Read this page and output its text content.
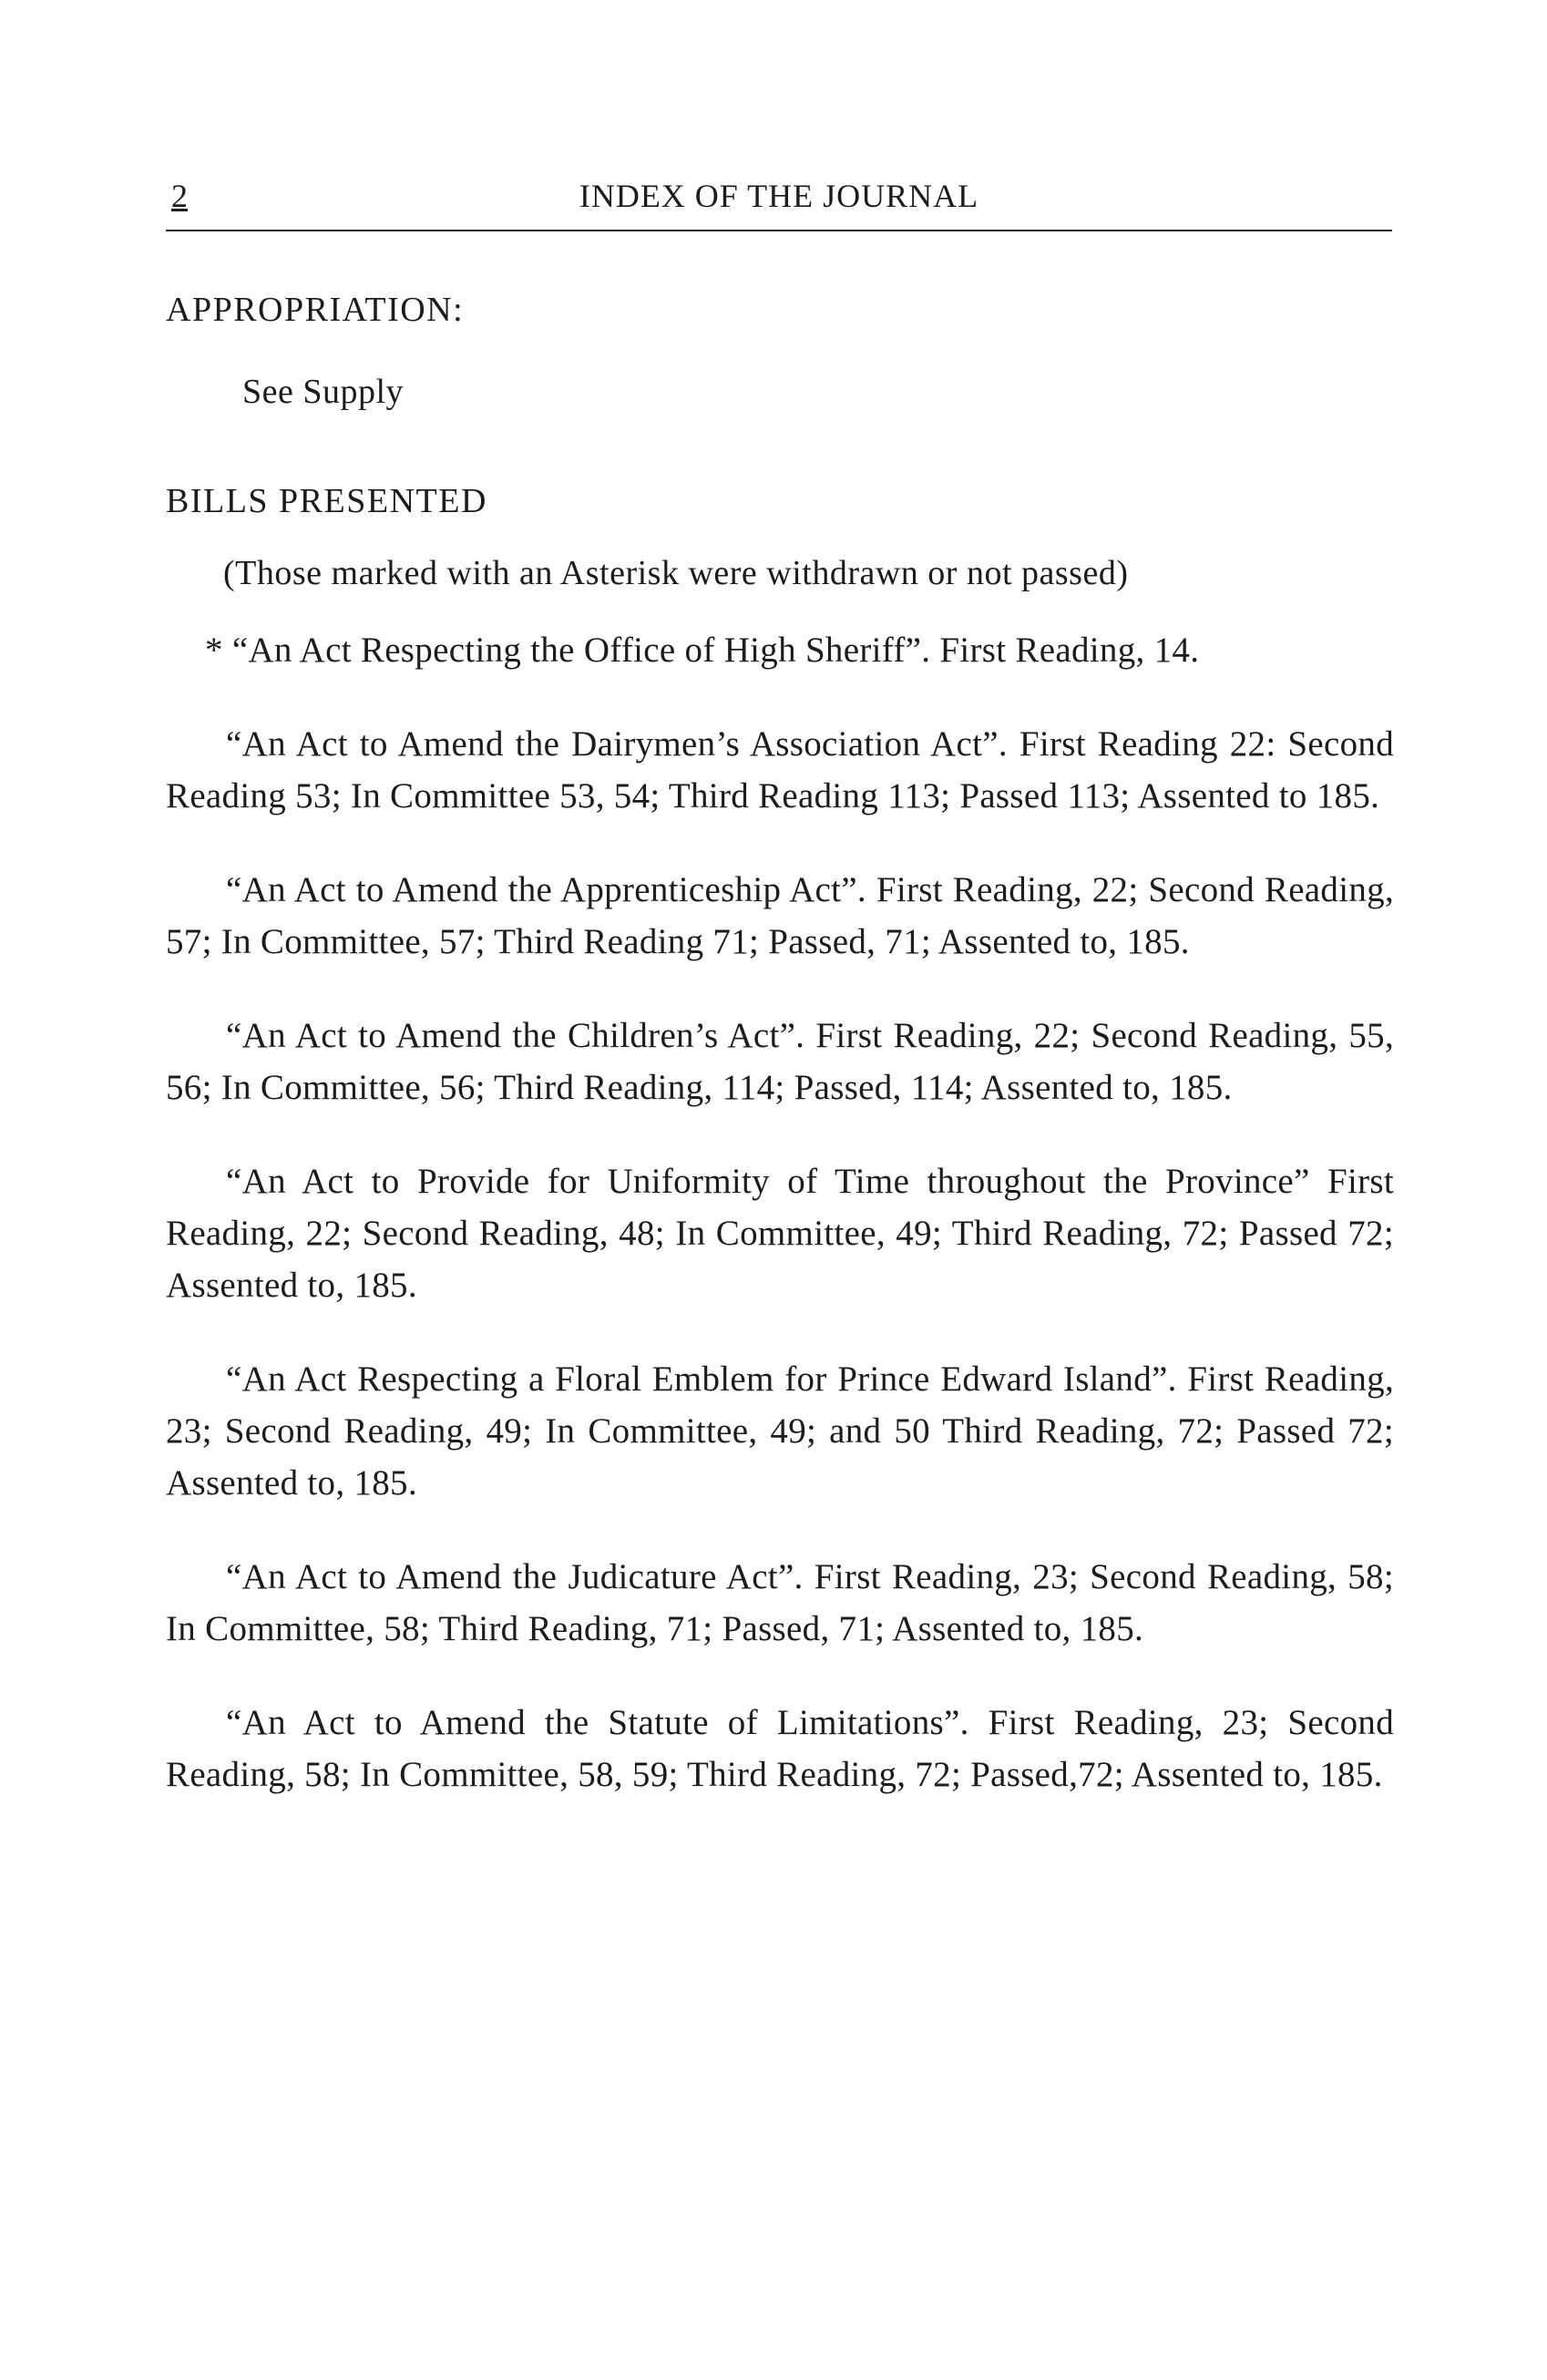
2	INDEX OF THE JOURNAL
APPROPRIATION:
See Supply
BILLS PRESENTED
(Those marked with an Asterisk were withdrawn or not passed)

* “An Act Respecting the Office of High Sheriff”. First Reading, 14.

“An Act to Amend the Dairymen’s Association Act”. First Reading 22: Second Reading 53; In Committee 53, 54; Third Reading 113; Passed 113; Assented to 185.

“An Act to Amend the Apprenticeship Act”. First Reading, 22; Second Reading, 57; In Committee, 57; Third Reading 71; Passed, 71; Assented to, 185.

“An Act to Amend the Children’s Act”. First Reading, 22; Second Reading, 55, 56; In Committee, 56; Third Reading, 114; Passed, 114; Assented to, 185.

“An Act to Provide for Uniformity of Time throughout the Province” First Reading, 22; Second Reading, 48; In Committee, 49; Third Reading, 72; Passed 72; Assented to, 185.

“An Act Respecting a Floral Emblem for Prince Edward Island”. First Reading, 23; Second Reading, 49; In Committee, 49; and 50 Third Reading, 72; Passed 72; Assented to, 185.

“An Act to Amend the Judicature Act”. First Reading, 23; Second Reading, 58; In Committee, 58; Third Reading, 71; Passed, 71; Assented to, 185.

“An Act to Amend the Statute of Limitations”. First Reading, 23; Second Reading, 58; In Committee, 58, 59; Third Reading, 72; Passed,72; Assented to, 185.
